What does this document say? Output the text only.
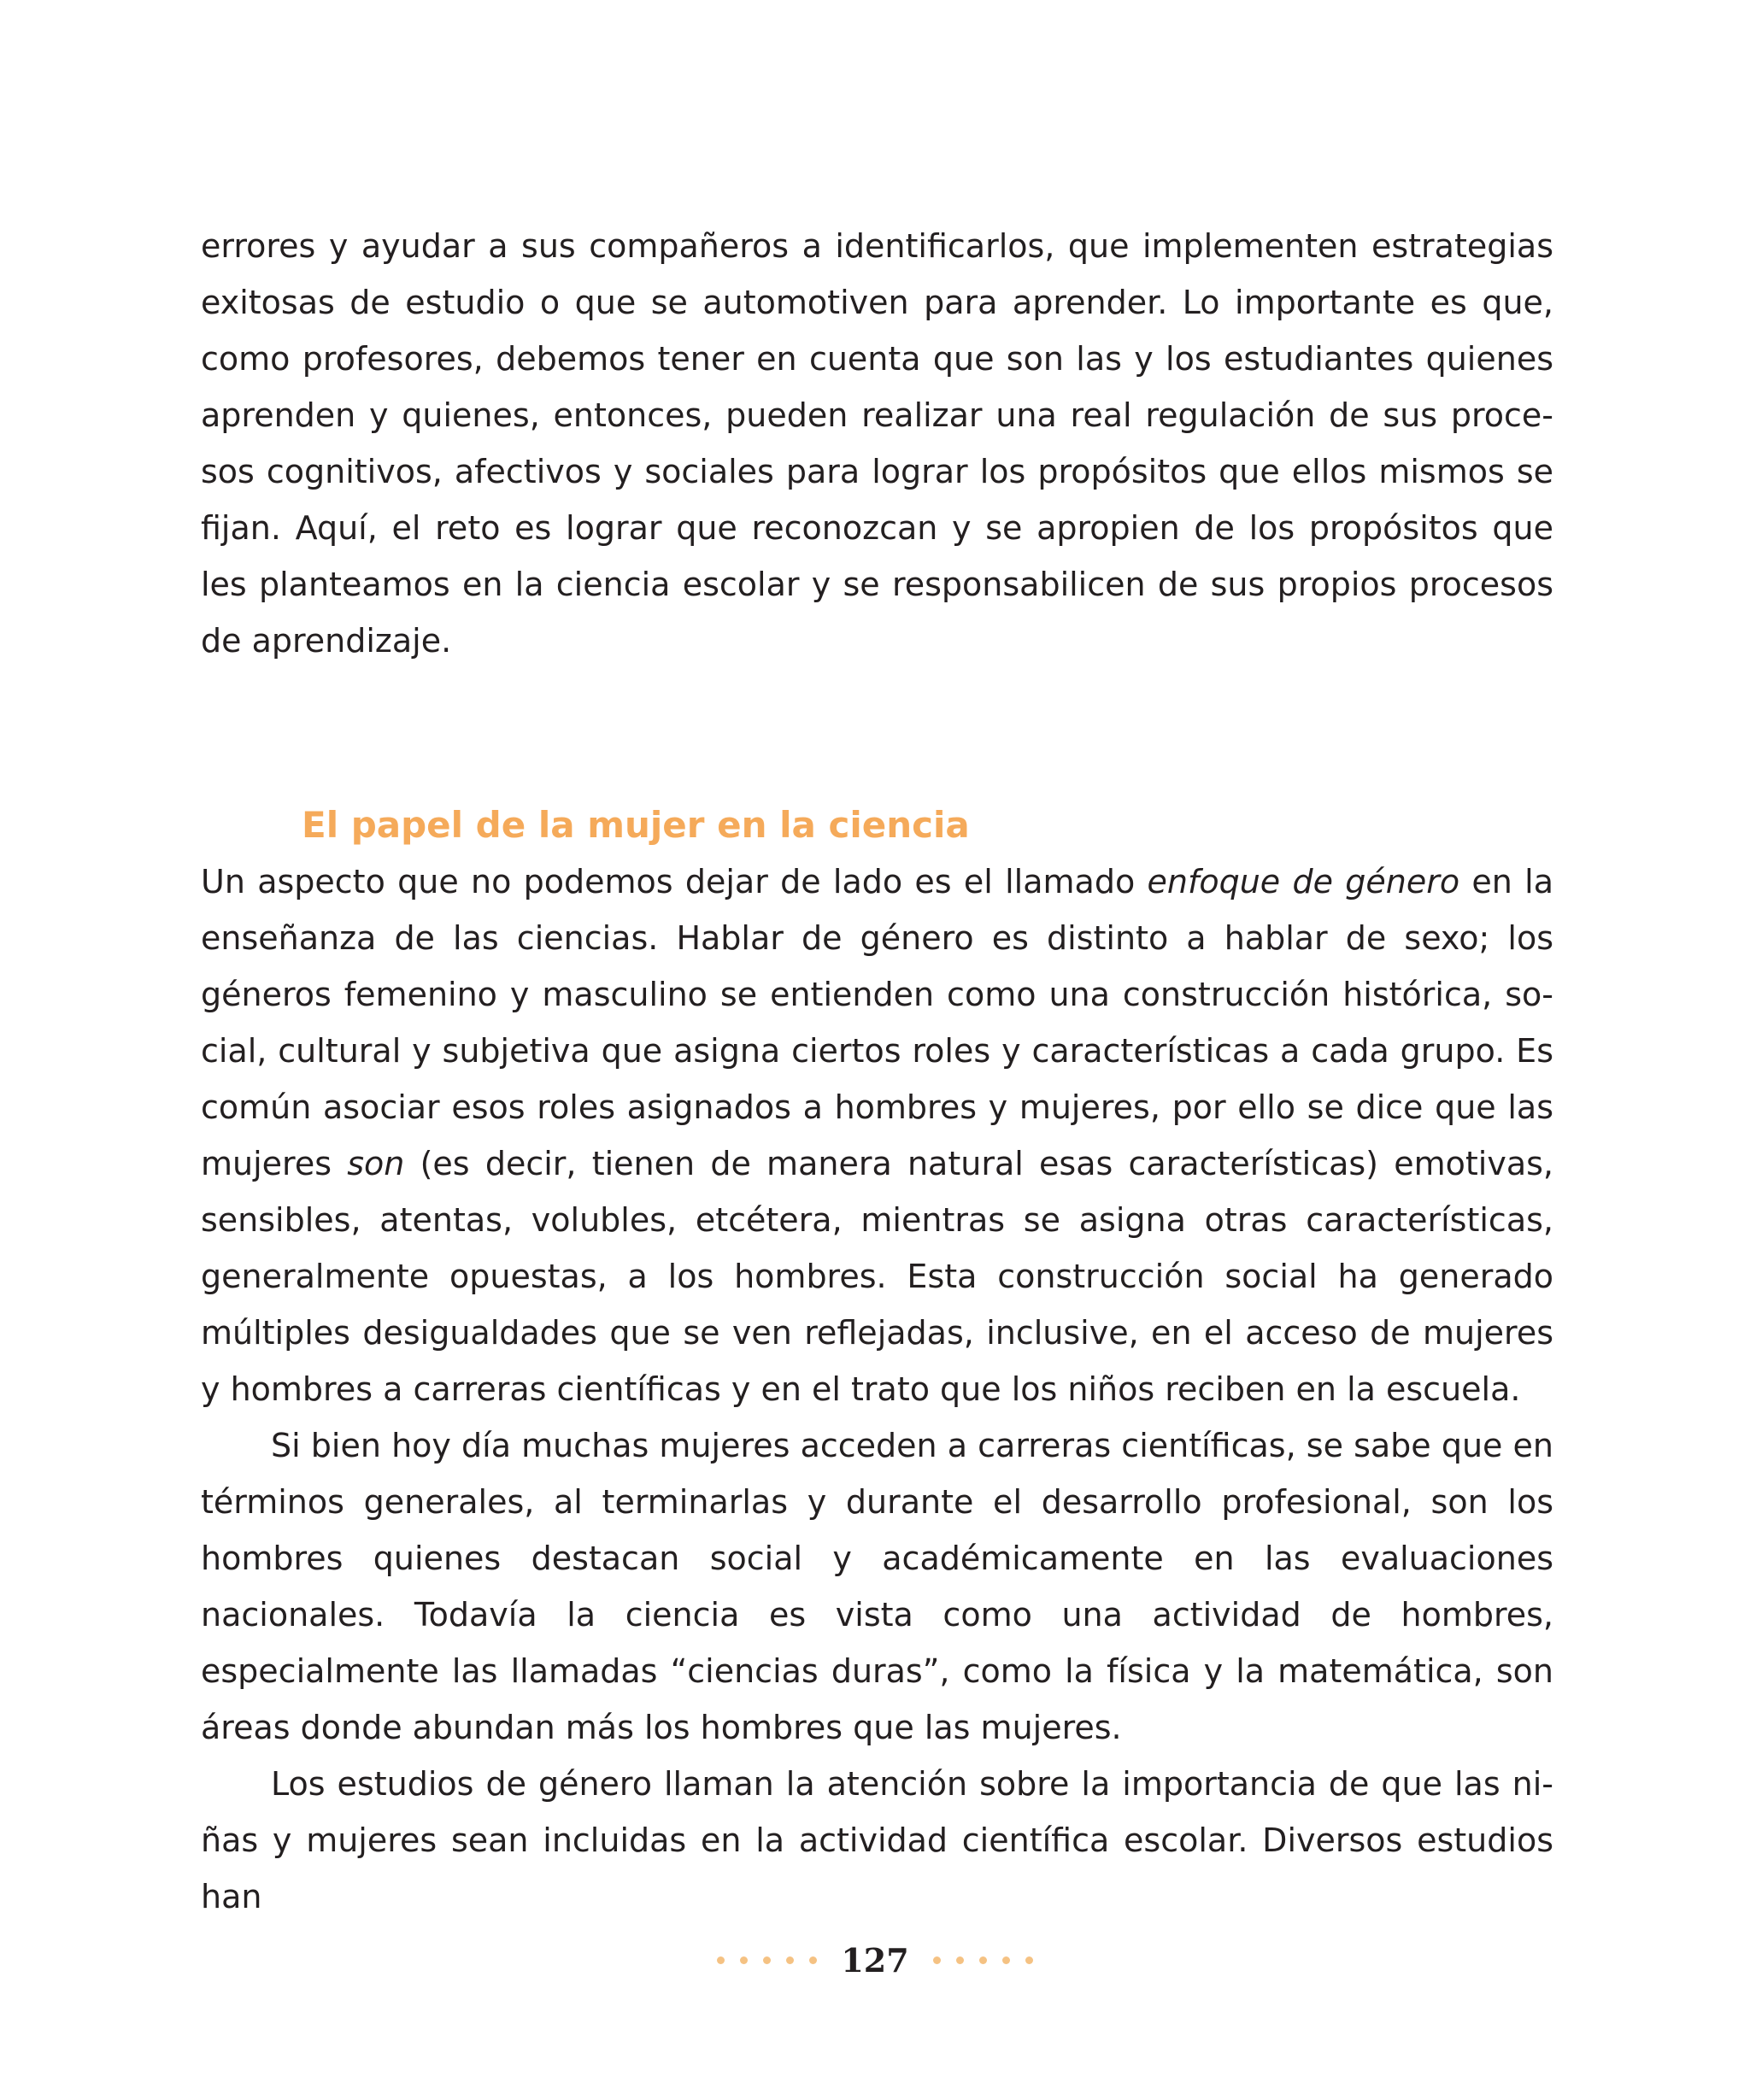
errores y ayudar a sus compañeros a identificarlos, que implementen estrategias exitosas de estudio o que se automotiven para aprender. Lo importante es que, como profesores, debemos tener en cuenta que son las y los estudiantes quienes aprenden y quienes, entonces, pueden realizar una real regulación de sus procesos cognitivos, afectivos y sociales para lograr los propósitos que ellos mismos se fijan. Aquí, el reto es lograr que reconozcan y se apropien de los propósitos que les planteamos en la ciencia escolar y se responsabilicen de sus propios procesos de aprendizaje.

El papel de la mujer en la ciencia

Un aspecto que no podemos dejar de lado es el llamado enfoque de género en la enseñanza de las ciencias. Hablar de género es distinto a hablar de sexo; los géneros femenino y masculino se entienden como una construcción histórica, social, cultural y subjetiva que asigna ciertos roles y características a cada grupo. Es común asociar esos roles asignados a hombres y mujeres, por ello se dice que las mujeres son (es decir, tienen de manera natural esas características) emotivas, sensibles, atentas, volubles, etcétera, mientras se asigna otras características, generalmente opuestas, a los hombres. Esta construcción social ha generado múltiples desigualdades que se ven reflejadas, inclusive, en el acceso de mujeres y hombres a carreras científicas y en el trato que los niños reciben en la escuela.

Si bien hoy día muchas mujeres acceden a carreras científicas, se sabe que en términos generales, al terminarlas y durante el desarrollo profesional, son los hombres quienes destacan social y académicamente en las evaluaciones nacionales. Todavía la ciencia es vista como una actividad de hombres, especialmente las llamadas “ciencias duras”, como la física y la matemática, son áreas donde abundan más los hombres que las mujeres.

Los estudios de género llaman la atención sobre la importancia de que las niñas y mujeres sean incluidas en la actividad científica escolar. Diversos estudios han

127
